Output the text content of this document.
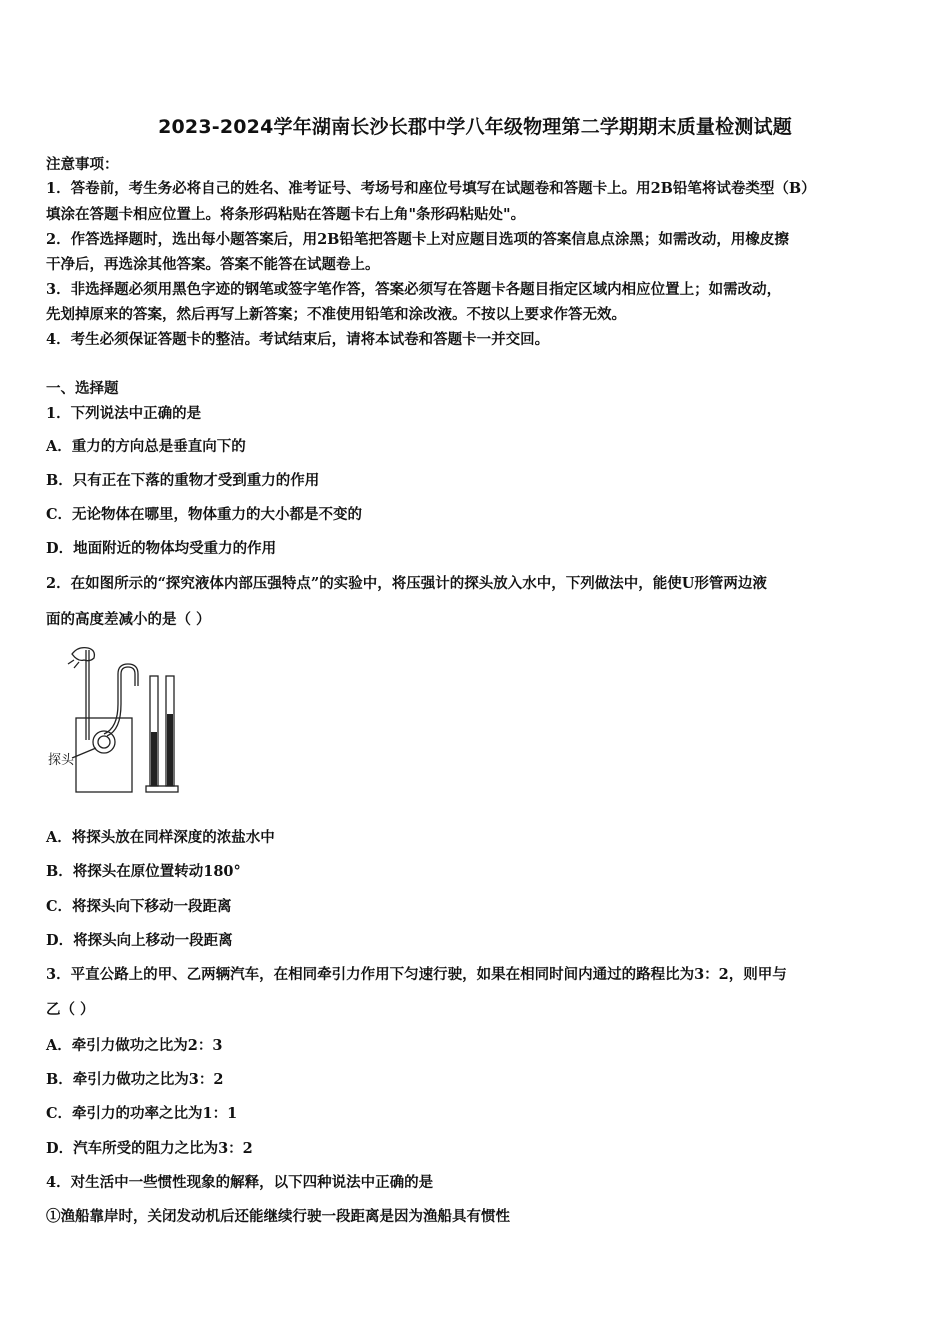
2023-2024学年湖南长沙长郡中学八年级物理第二学期期末质量检测试题
注意事项：
1．答卷前，考生务必将自己的姓名、准考证号、考场号和座位号填写在试题卷和答题卡上。用2B铅笔将试卷类型（B）
填涂在答题卡相应位置上。将条形码粘贴在答题卡右上角"条形码粘贴处"。
2．作答选择题时，选出每小题答案后，用2B铅笔把答题卡上对应题目选项的答案信息点涂黑；如需改动，用橡皮擦
干净后，再选涂其他答案。答案不能答在试题卷上。
3．非选择题必须用黑色字迹的钢笔或签字笔作答，答案必须写在答题卡各题目指定区域内相应位置上；如需改动，
先划掉原来的答案，然后再写上新答案；不准使用铅笔和涂改液。不按以上要求作答无效。
4．考生必须保证答题卡的整洁。考试结束后，请将本试卷和答题卡一并交回。
一、选择题
1．下列说法中正确的是
A．重力的方向总是垂直向下的
B．只有正在下落的重物才受到重力的作用
C．无论物体在哪里，物体重力的大小都是不变的
D．地面附近的物体均受重力的作用
2．在如图所示的“探究液体内部压强特点”的实验中，将压强计的探头放入水中，下列做法中，能使U形管两边液
面的高度差减小的是（ ）
探头
A．将探头放在同样深度的浓盐水中
B．将探头在原位置转动180°
C．将探头向下移动一段距离
D．将探头向上移动一段距离
3．平直公路上的甲、乙两辆汽车，在相同牵引力作用下匀速行驶，如果在相同时间内通过的路程比为3：2，则甲与
乙（ ）
A．牵引力做功之比为2：3
B．牵引力做功之比为3：2
C．牵引力的功率之比为1：1
D．汽车所受的阻力之比为3：2
4．对生活中一些惯性现象的解释，以下四种说法中正确的是
①渔船靠岸时，关闭发动机后还能继续行驶一段距离是因为渔船具有惯性
